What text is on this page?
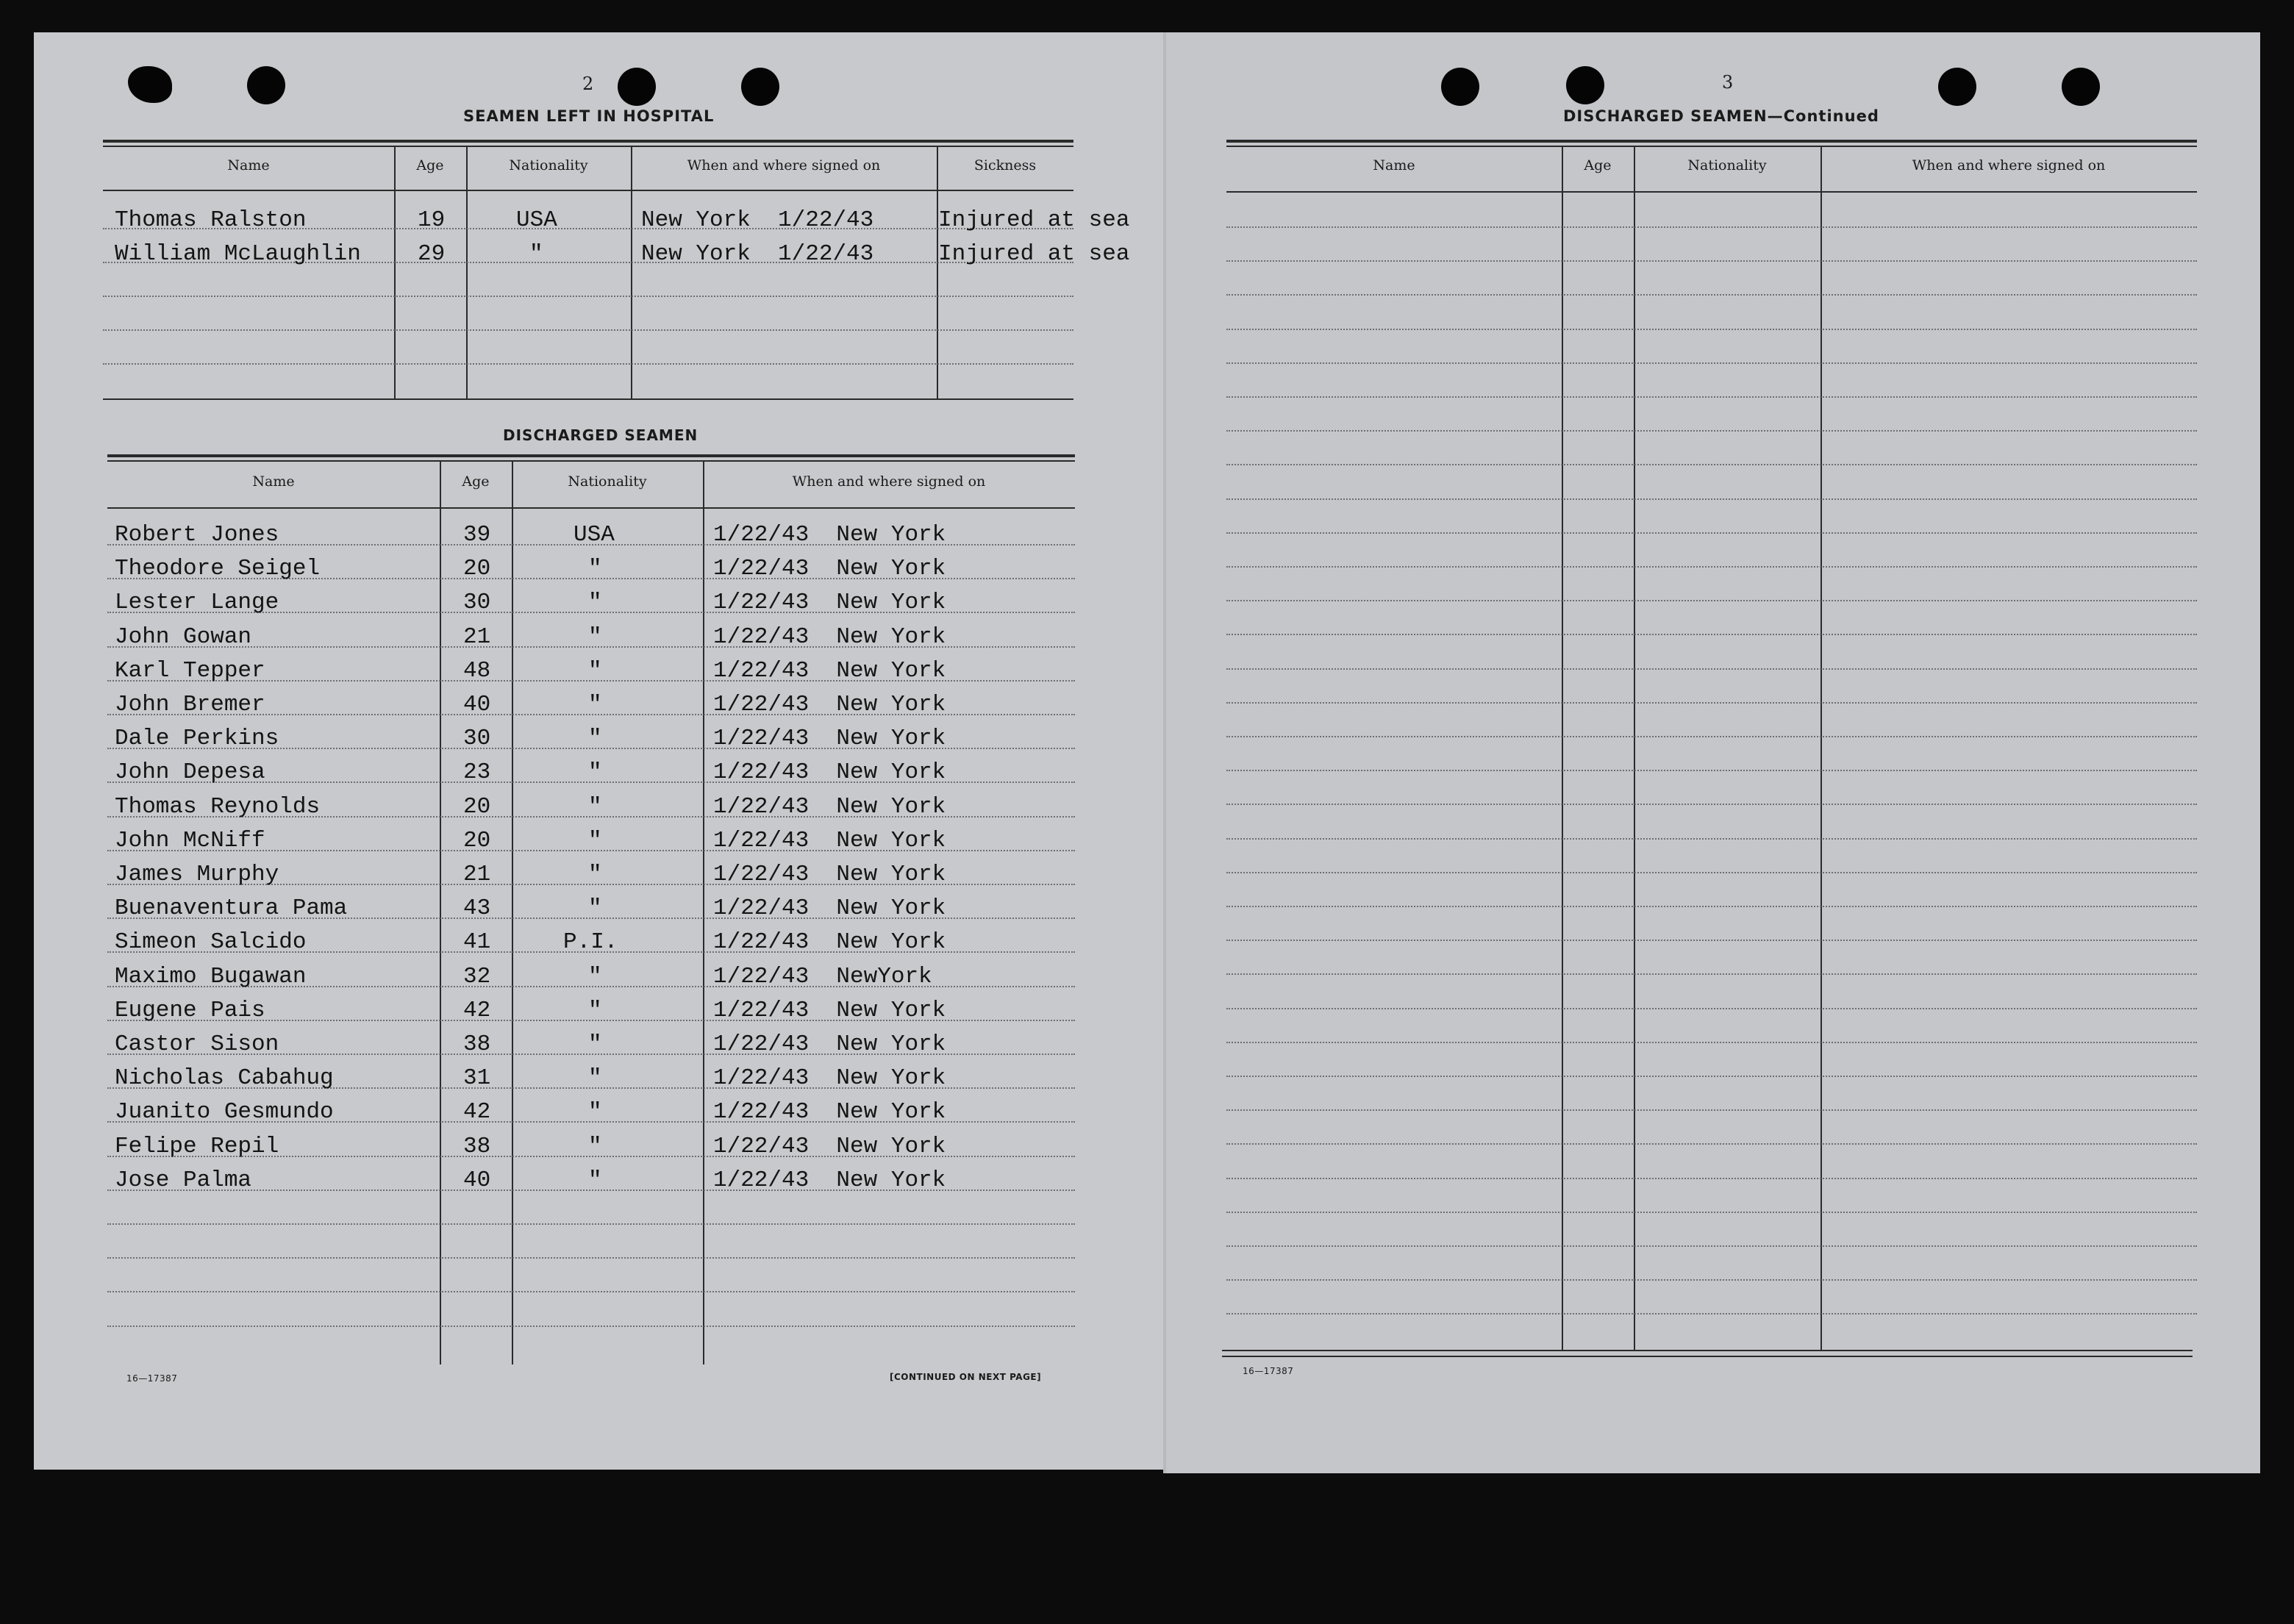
2
SEAMEN LEFT IN HOSPITAL
Name	Age	Nationality	When and where signed on	Sickness
Thomas Ralston	19	USA	New York  1/22/43	Injured at sea
William McLaughlin 29	"	New York  1/22/43	Injured at sea
DISCHARGED SEAMEN
Name	Age	Nationality	When and where signed on
Robert Jones	39	USA	1/22/43  New York
Theodore Seigel	20	"	1/22/43  New York
Lester Lange	30	"	1/22/43  New York
John Gowan	21	"	1/22/43  New York
Karl Tepper	48	"	1/22/43  New York
John Bremer	40	"	1/22/43  New York
Dale Perkins	30	"	1/22/43  New York
John Depesa	23	"	1/22/43  New York
Thomas Reynolds	20	"	1/22/43  New York
John McNiff	20	"	1/22/43  New York
James Murphy	21	"	1/22/43  New York
Buenaventura Pama	43	"	1/22/43  New York
Simeon Salcido	41	P.I.	1/22/43  New York
Maximo Bugawan	32	"	1/22/43  NewYork
Eugene Pais	42	"	1/22/43  New York
Castor Sison	38	"	1/22/43  New York
Nicholas Cabahug	31	"	1/22/43  New York
Juanito Gesmundo	42	"	1/22/43  New York
Felipe Repil	38	"	1/22/43  New York
Jose Palma	40	"	1/22/43  New York
16—17387	[CONTINUED ON NEXT PAGE]
3
DISCHARGED SEAMEN—Continued
Name	Age	Nationality	When and where signed on
16—17387
